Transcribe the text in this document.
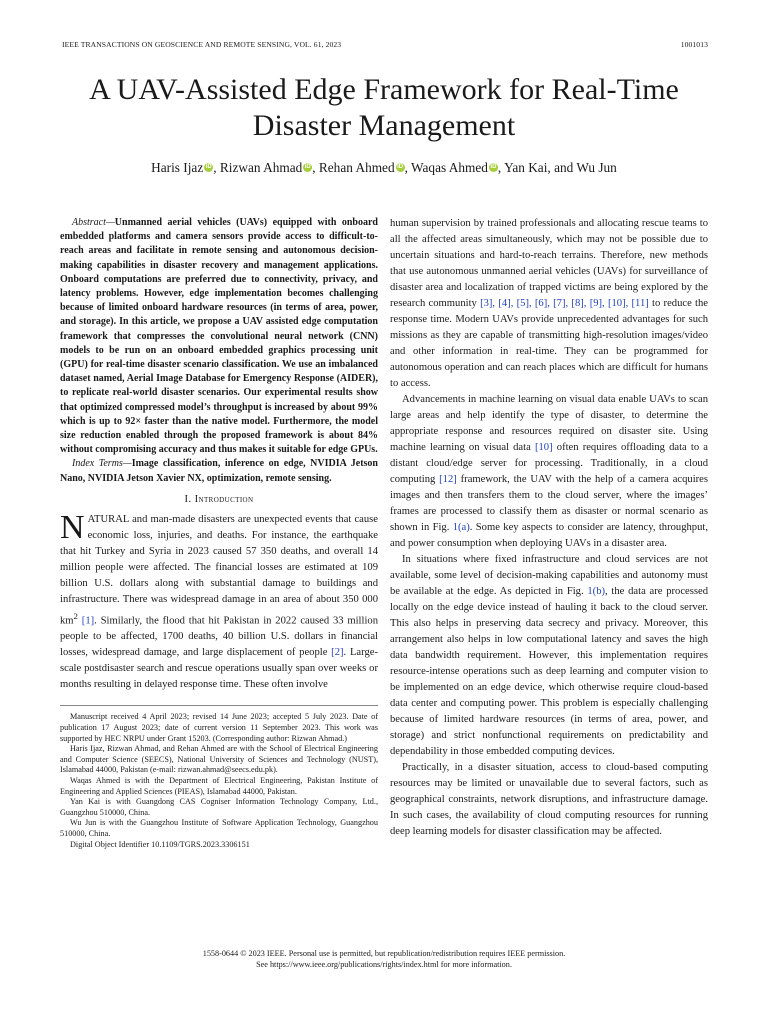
IEEE TRANSACTIONS ON GEOSCIENCE AND REMOTE SENSING, VOL. 61, 2023	1001013
A UAV-Assisted Edge Framework for Real-Time
Disaster Management
Haris Ijaz iD , Rizwan Ahmad iD , Rehan Ahmed iD , Waqas Ahmed iD , Yan Kai, and Wu Jun

Abstract—Unmanned aerial vehicles (UAVs) equipped with onboard embedded platforms and camera sensors provide access to difficult-to-reach areas and facilitate in remote sensing and autonomous decision-making capabilities in disaster recovery and management applications. Onboard computations are preferred due to connectivity, privacy, and latency problems. However, edge implementation becomes challenging because of limited onboard hardware resources (in terms of area, power, and storage). In this article, we propose a UAV assisted edge computation framework that compresses the convolutional neural network (CNN) models to be run on an onboard embedded graphics processing unit (GPU) for real-time disaster scenario classification. We use an imbalanced dataset named, Aerial Image Database for Emergency Response (AIDER), to replicate real-world disaster scenarios. Our experimental results show that optimized compressed model’s throughput is increased by about 99% which is up to 92× faster than the native model. Furthermore, the model size reduction enabled through the proposed framework is about 84% without compromising accuracy and thus makes it suitable for edge GPUs.

Index Terms—Image classification, inference on edge, NVIDIA Jetson Nano, NVIDIA Jetson Xavier NX, optimization, remote sensing.

I. Introduction

NATURAL and man-made disasters are unexpected events that cause economic loss, injuries, and deaths. For instance, the earthquake that hit Turkey and Syria in 2023 caused 57 350 deaths, and overall 14 million people were affected. The financial losses are estimated at 109 billion U.S. dollars along with substantial damage to buildings and infrastructure. There was widespread damage in an area of about 350 000 $km^2$ [1]. Similarly, the flood that hit Pakistan in 2022 caused 33 million people to be affected, 1700 deaths, 40 billion U.S. dollars in financial losses, widespread damage, and large displacement of people [2]. Large-scale postdisaster search and rescue operations usually span over weeks or months resulting in delayed response time. These often involve

Manuscript received 4 April 2023; revised 14 June 2023; accepted 5 July 2023. Date of publication 17 August 2023; date of current version 11 September 2023. This work was supported by HEC NRPU under Grant 15203. (Corresponding author: Rizwan Ahmad.)
Haris Ijaz, Rizwan Ahmad, and Rehan Ahmed are with the School of Electrical Engineering and Computer Science (SEECS), National University of Sciences and Technology (NUST), Islamabad 44000, Pakistan (e-mail: rizwan.ahmad@seecs.edu.pk).
Waqas Ahmed is with the Department of Electrical Engineering, Pakistan Institute of Engineering and Applied Sciences (PIEAS), Islamabad 44000, Pakistan.
Yan Kai is with Guangdong CAS Cogniser Information Technology Company, Ltd., Guangzhou 510000, China.
Wu Jun is with the Guangzhou Institute of Software Application Technology, Guangzhou 510000, China.
Digital Object Identifier 10.1109/TGRS.2023.3306151

human supervision by trained professionals and allocating rescue teams to all the affected areas simultaneously, which may not be possible due to uncertain situations and hard-to-reach terrains. Therefore, new methods that use autonomous unmanned aerial vehicles (UAVs) for surveillance of disaster area and localization of trapped victims are being explored by the research community [3], [4], [5], [6], [7], [8], [9], [10], [11] to reduce the response time. Modern UAVs provide unprecedented advantages for such missions as they are capable of transmitting high-resolution images/video and other information in real-time. They can be programmed for autonomous operation and can reach places which are difficult for humans to access.

Advancements in machine learning on visual data enable UAVs to scan large areas and help identify the type of disaster, to determine the appropriate response and resources required on disaster site. Using machine learning on visual data [10] often requires offloading data to a distant cloud/edge server for processing. Traditionally, in a cloud computing [12] framework, the UAV with the help of a camera acquires images and then transfers them to the cloud server, where the images’ frames are processed to classify them as disaster or normal scenario as shown in Fig. 1(a). Some key aspects to consider are latency, throughput, and power consumption when deploying UAVs in a disaster area.

In situations where fixed infrastructure and cloud services are not available, some level of decision-making capabilities and autonomy must be available at the edge. As depicted in Fig. 1(b), the data are processed locally on the edge device instead of hauling it back to the cloud server. This also helps in preserving data secrecy and privacy. Moreover, this arrangement also helps in low computational latency and saves the high data bandwidth requirement. However, this implementation requires resource-intense operations such as deep learning and computer vision to be implemented on an edge device, which otherwise require cloud-based data center and computing power. This problem is especially challenging because of limited hardware resources (in terms of area, power, and storage) and strict nonfunctional requirements on predictability and dependability in those embedded computing devices.

Practically, in a disaster situation, access to cloud-based computing resources may be limited or unavailable due to several factors, such as geographical constraints, network disruptions, and infrastructure damage. In such cases, the availability of cloud computing resources for running deep learning models for disaster classification may be affected.

1558-0644 © 2023 IEEE. Personal use is permitted, but republication/redistribution requires IEEE permission.
See https://www.ieee.org/publications/rights/index.html for more information.
